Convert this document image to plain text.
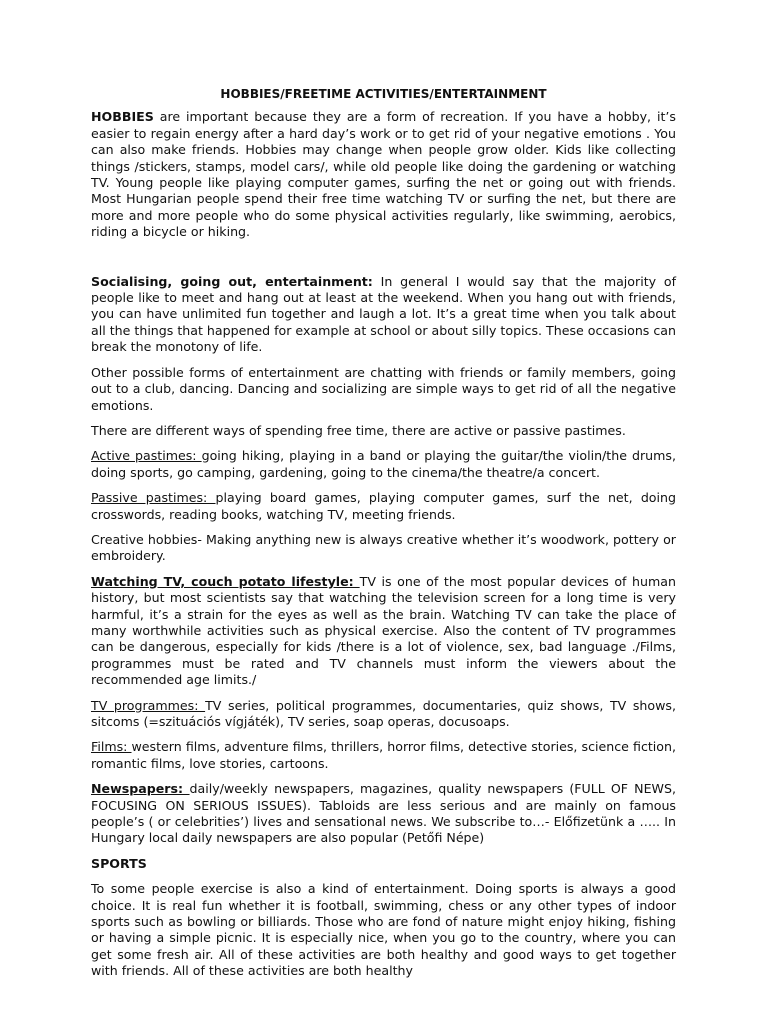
HOBBIES/FREETIME ACTIVITIES/ENTERTAINMENT

HOBBIES are important because they are a form of recreation. If you have a hobby, it’s easier to regain energy after a hard day’s work or to get rid of your negative emotions . You can also make friends. Hobbies may change when people grow older. Kids like collecting things /stickers, stamps, model cars/, while old people like doing the gardening or watching TV. Young people like playing computer games, surfing the net or going out with friends. Most Hungarian people spend their free time watching TV or surfing the net, but there are more and more people who do some physical activities regularly, like swimming, aerobics, riding a bicycle or hiking.

Socialising, going out, entertainment: In general I would say that the majority of people like to meet and hang out at least at the weekend. When you hang out with friends, you can have unlimited fun together and laugh a lot. It’s a great time when you talk about all the things that happened for example at school or about silly topics. These occasions can break the monotony of life.

Other possible forms of entertainment are chatting with friends or family members, going out to a club, dancing. Dancing and socializing are simple ways to get rid of all the negative emotions.

There are different ways of spending free time, there are active or passive pastimes.

Active pastimes: going hiking, playing in a band or playing the guitar/the violin/the drums, doing sports, go camping, gardening, going to the cinema/the theatre/a concert.

Passive pastimes: playing board games, playing computer games, surf the net, doing crosswords, reading books, watching TV, meeting friends.

Creative hobbies- Making anything new is always creative whether it’s woodwork, pottery or embroidery.

Watching TV, couch potato lifestyle: TV is one of the most popular devices of human history, but most scientists say that watching the television screen for a long time is very harmful, it’s a strain for the eyes as well as the brain. Watching TV can take the place of many worthwhile activities such as physical exercise. Also the content of TV programmes can be dangerous, especially for kids /there is a lot of violence, sex, bad language ./Films, programmes must be rated and TV channels must inform the viewers about the recommended age limits./

TV programmes: TV series, political programmes, documentaries, quiz shows, TV shows, sitcoms (=szituációs vígjáték), TV series, soap operas, docusoaps.

Films: western films, adventure films, thrillers, horror films, detective stories, science fiction, romantic films, love stories, cartoons.

Newspapers: daily/weekly newspapers, magazines, quality newspapers (FULL OF NEWS, FOCUSING ON SERIOUS ISSUES). Tabloids are less serious and are mainly on famous people’s ( or celebrities’) lives and sensational news. We subscribe to…- Előfizetünk a ….. In Hungary local daily newspapers are also popular (Petőfi Népe)

SPORTS

To some people exercise is also a kind of entertainment. Doing sports is always a good choice. It is real fun whether it is football, swimming, chess or any other types of indoor sports such as bowling or billiards. Those who are fond of nature might enjoy hiking, fishing or having a simple picnic. It is especially nice, when you go to the country, where you can get some fresh air. All of these activities are both healthy and good ways to get together with friends. All of these activities are both healthy
